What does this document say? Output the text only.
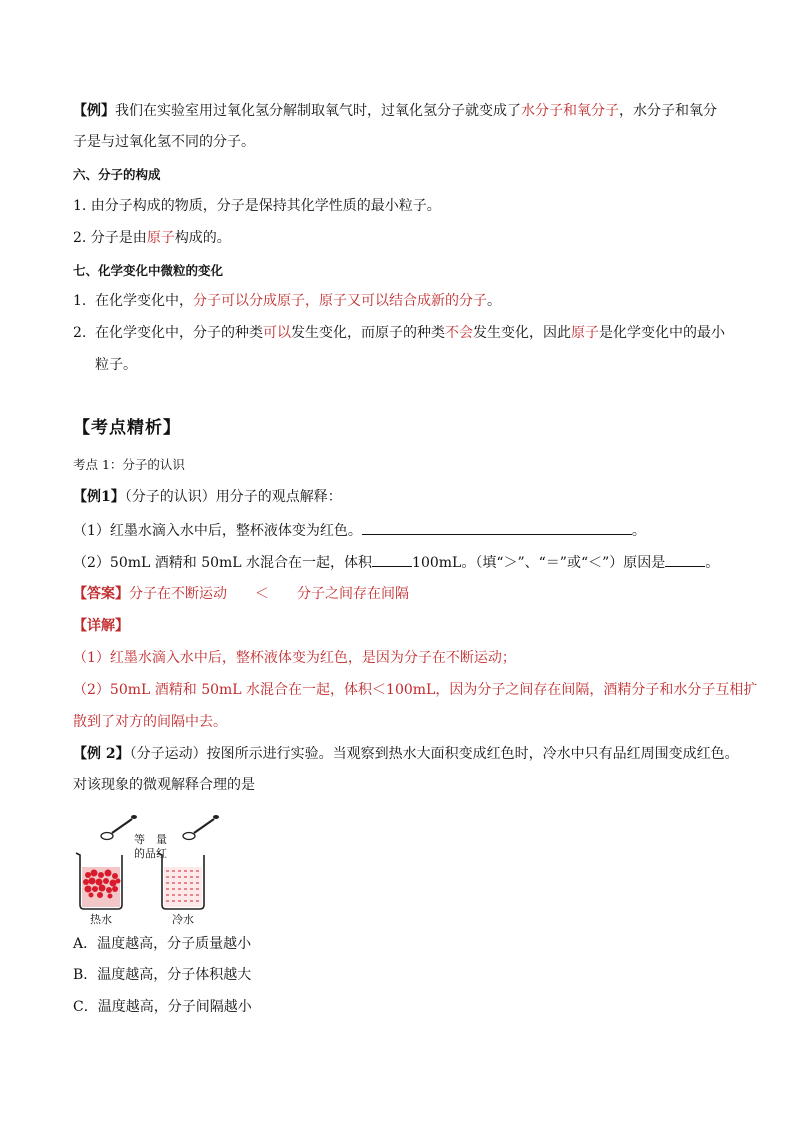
【例】我们在实验室用过氧化氢分解制取氧气时，过氧化氢分子就变成了水分子和氧分子，水分子和氧分
子是与过氧化氢不同的分子。
六、分子的构成
1. 由分子构成的物质，分子是保持其化学性质的最小粒子。
2. 分子是由原子构成的。
七、化学变化中微粒的变化
1. 在化学变化中，分子可以分成原子，原子又可以结合成新的分子。
2. 在化学变化中，分子的种类可以发生变化，而原子的种类不会发生变化，因此原子是化学变化中的最小
粒子。
【考点精析】
考点 1：分子的认识
【例1】（分子的认识）用分子的观点解释：
（1）红墨水滴入水中后，整杯液体变为红色。	。
（2）50mL 酒精和 50mL 水混合在一起，体积	100mL。（填“＞”、“＝”或“＜”）原因是	。
【答案】分子在不断运动 ＜ 分子之间存在间隔
【详解】
（1）红墨水滴入水中后，整杯液体变为红色，是因为分子在不断运动；
（2）50mL 酒精和 50mL 水混合在一起，体积＜100mL，因为分子之间存在间隔，酒精分子和水分子互相扩
散到了对方的间隔中去。
【例 2】（分子运动）按图所示进行实验。当观察到热水大面积变成红色时，冷水中只有品红周围变成红色。
对该现象的微观解释合理的是
等　量
的品红
热水	冷水
A．温度越高，分子质量越小
B．温度越高，分子体积越大
C．温度越高，分子间隔越小
